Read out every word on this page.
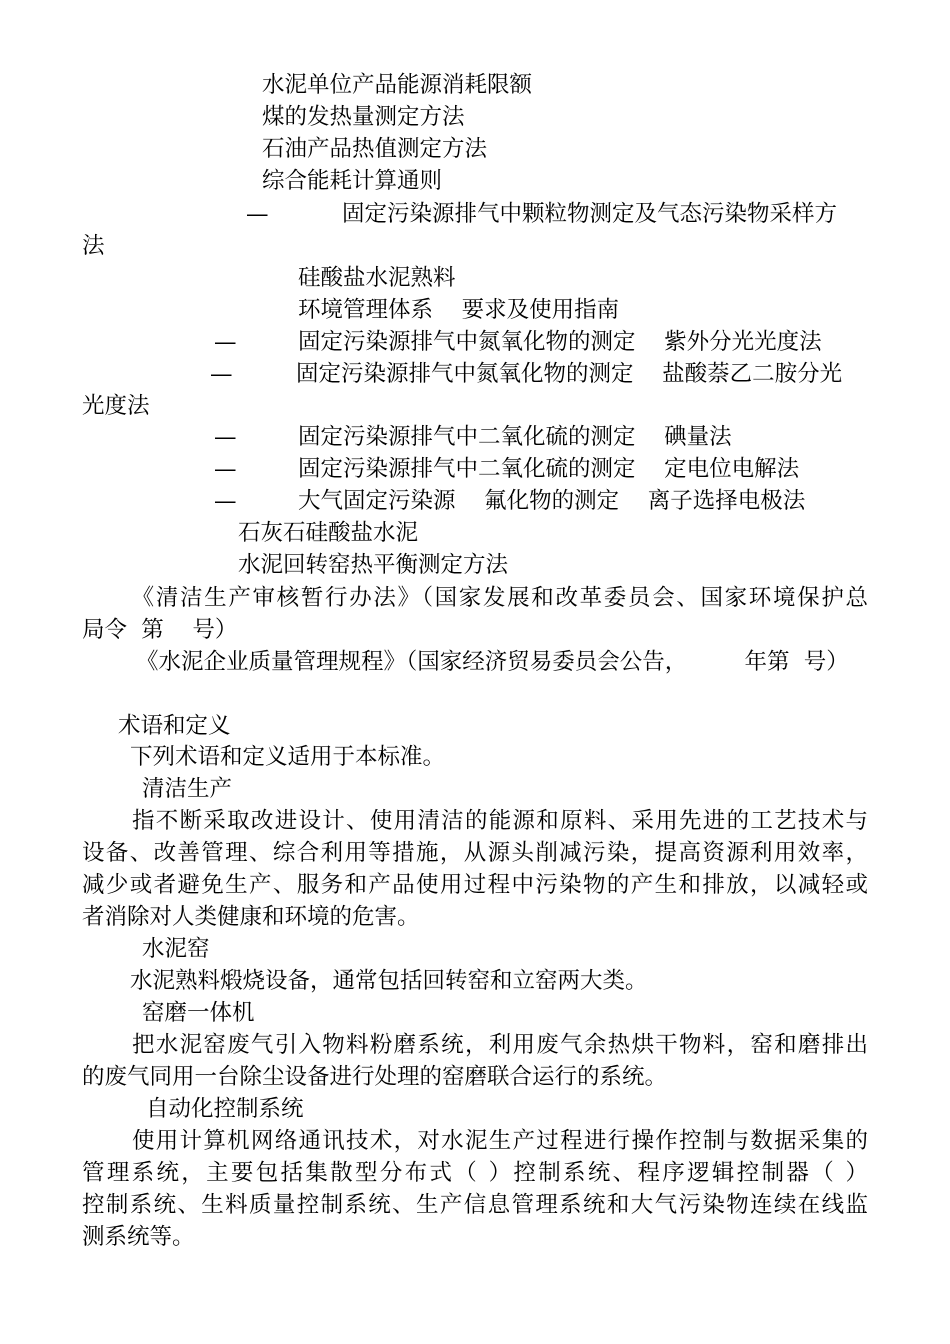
水泥单位产品能源消耗限额

煤的发热量测定方法

石油产品热值测定方法

综合能耗计算通则

—	固定污染源排气中颗粒物测定及气态污染物采样方

法

硅酸盐水泥熟料

环境管理体系    要求及使用指南

—	固定污染源排气中氮氧化物的测定    紫外分光光度法

—	固定污染源排气中氮氧化物的测定    盐酸萘乙二胺分光

光度法

—	固定污染源排气中二氧化硫的测定    碘量法

—	固定污染源排气中二氧化硫的测定    定电位电解法

—	大气固定污染源    氟化物的测定    离子选择电极法

石灰石硅酸盐水泥

水泥回转窑热平衡测定方法

《清洁生产审核暂行办法》（国家发展和改革委员会、国家环境保护总

局令  第    号）

《水泥企业质量管理规程》（国家经济贸易委员会公告，        年第  号）

术语和定义

下列术语和定义适用于本标准。

清洁生产

指不断采取改进设计、使用清洁的能源和原料、采用先进的工艺技术与

设备、改善管理、综合利用等措施，从源头削减污染，提高资源利用效率，

减少或者避免生产、服务和产品使用过程中污染物的产生和排放，以减轻或

者消除对人类健康和环境的危害。

水泥窑

水泥熟料煅烧设备，通常包括回转窑和立窑两大类。

窑磨一体机

把水泥窑废气引入物料粉磨系统，利用废气余热烘干物料，窑和磨排出

的废气同用一台除尘设备进行处理的窑磨联合运行的系统。

自动化控制系统

使用计算机网络通讯技术，对水泥生产过程进行操作控制与数据采集的

管理系统，主要包括集散型分布式（ ）控制系统、程序逻辑控制器（ ）

控制系统、生料质量控制系统、生产信息管理系统和大气污染物连续在线监

测系统等。
